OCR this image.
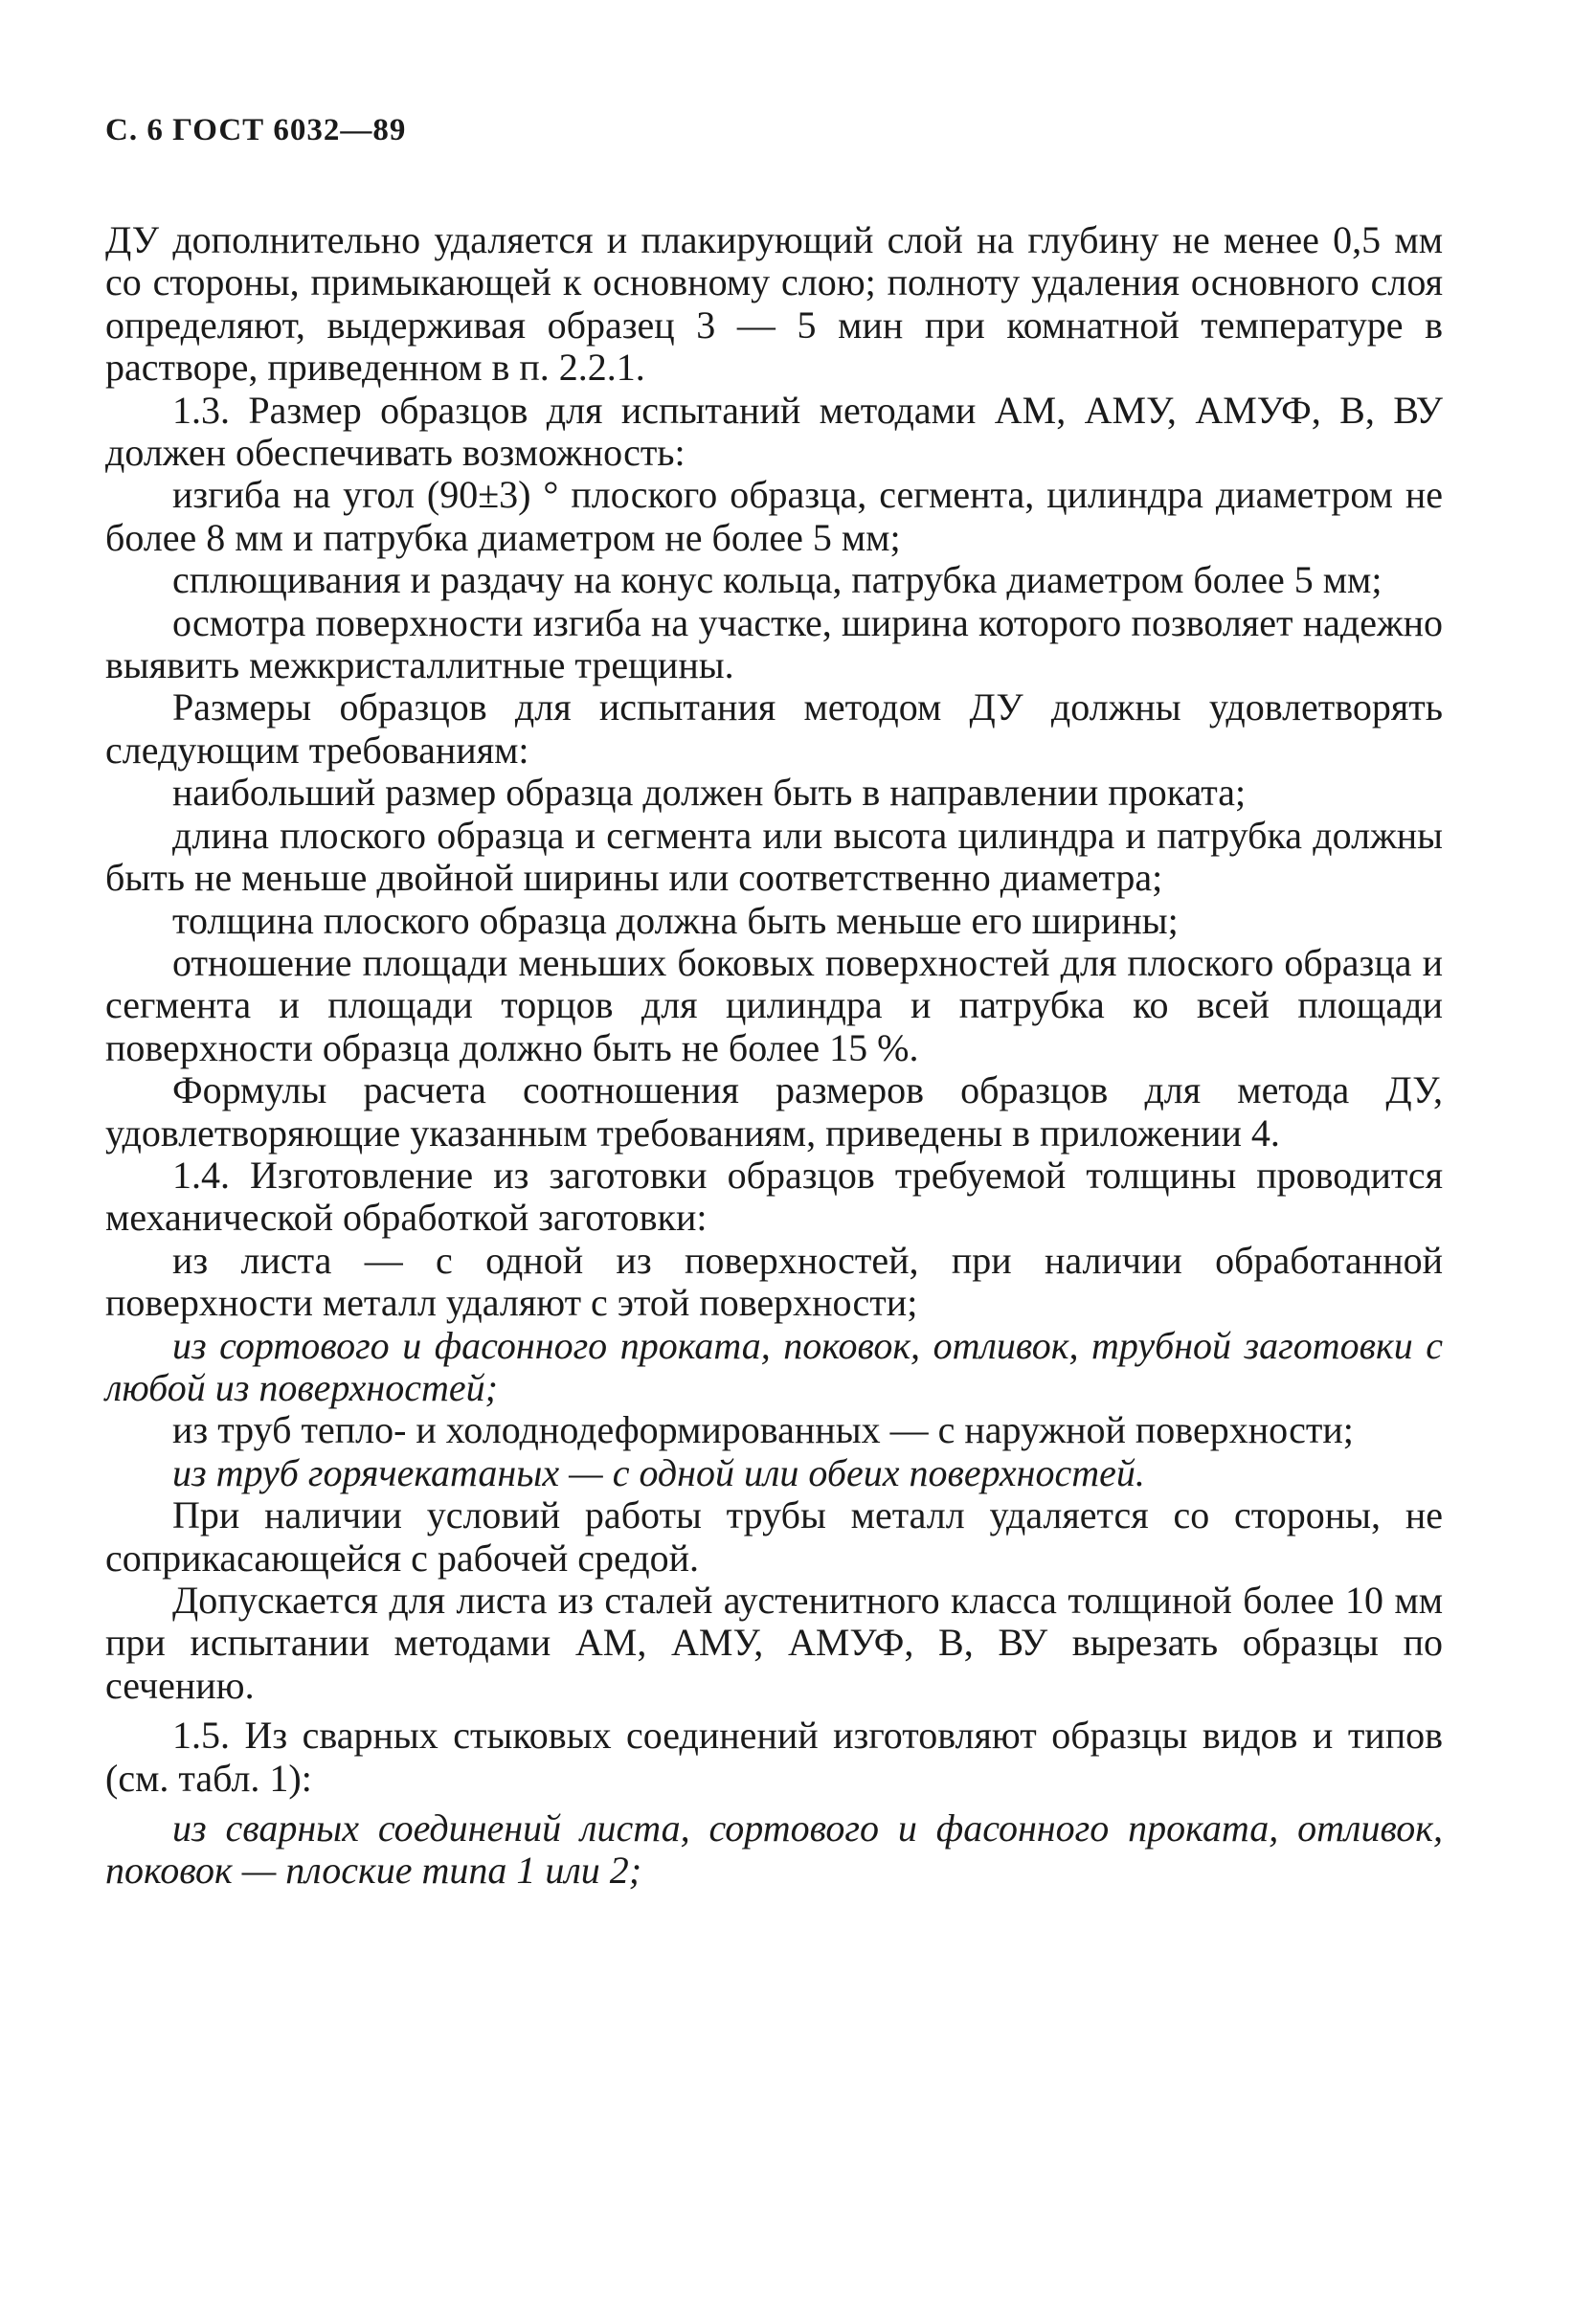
С. 6 ГОСТ 6032—89

ДУ дополнительно удаляется и плакирующий слой на глубину не менее 0,5 мм со стороны, примыкающей к основному слою; полноту удаления основного слоя определяют, выдерживая образец 3 — 5 мин при комнатной температуре в растворе, приведенном в п. 2.2.1.

1.3. Размер образцов для испытаний методами АМ, АМУ, АМУФ, В, ВУ должен обеспечивать возможность:

изгиба на угол (90±3) ° плоского образца, сегмента, цилиндра диаметром не более 8 мм и патрубка диаметром не более 5 мм;

сплющивания и раздачу на конус кольца, патрубка диаметром более 5 мм;

осмотра поверхности изгиба на участке, ширина которого позволяет надежно выявить межкристаллитные трещины.

Размеры образцов для испытания методом ДУ должны удовлетворять следующим требованиям:

наибольший размер образца должен быть в направлении проката;

длина плоского образца и сегмента или высота цилиндра и патрубка должны быть не меньше двойной ширины или соответственно диаметра;

толщина плоского образца должна быть меньше его ширины;

отношение площади меньших боковых поверхностей для плоского образца и сегмента и площади торцов для цилиндра и патрубка ко всей площади поверхности образца должно быть не более 15 %.

Формулы расчета соотношения размеров образцов для метода ДУ, удовлетворяющие указанным требованиям, приведены в приложении 4.

1.4. Изготовление из заготовки образцов требуемой толщины проводится механической обработкой заготовки:

из листа — с одной из поверхностей, при наличии обработанной поверхности металл удаляют с этой поверхности;

из сортового и фасонного проката, поковок, отливок, трубной заготовки с любой из поверхностей;

из труб тепло- и холоднодеформированных — с наружной поверхности;

из труб горячекатаных — с одной или обеих поверхностей.

При наличии условий работы трубы металл удаляется со стороны, не соприкасающейся с рабочей средой.

Допускается для листа из сталей аустенитного класса толщиной более 10 мм при испытании методами АМ, АМУ, АМУФ, В, ВУ вырезать образцы по сечению.

1.5. Из сварных стыковых соединений изготовляют образцы видов и типов (см. табл. 1):

из сварных соединений листа, сортового и фасонного проката, отливок, поковок — плоские типа 1 или 2;
